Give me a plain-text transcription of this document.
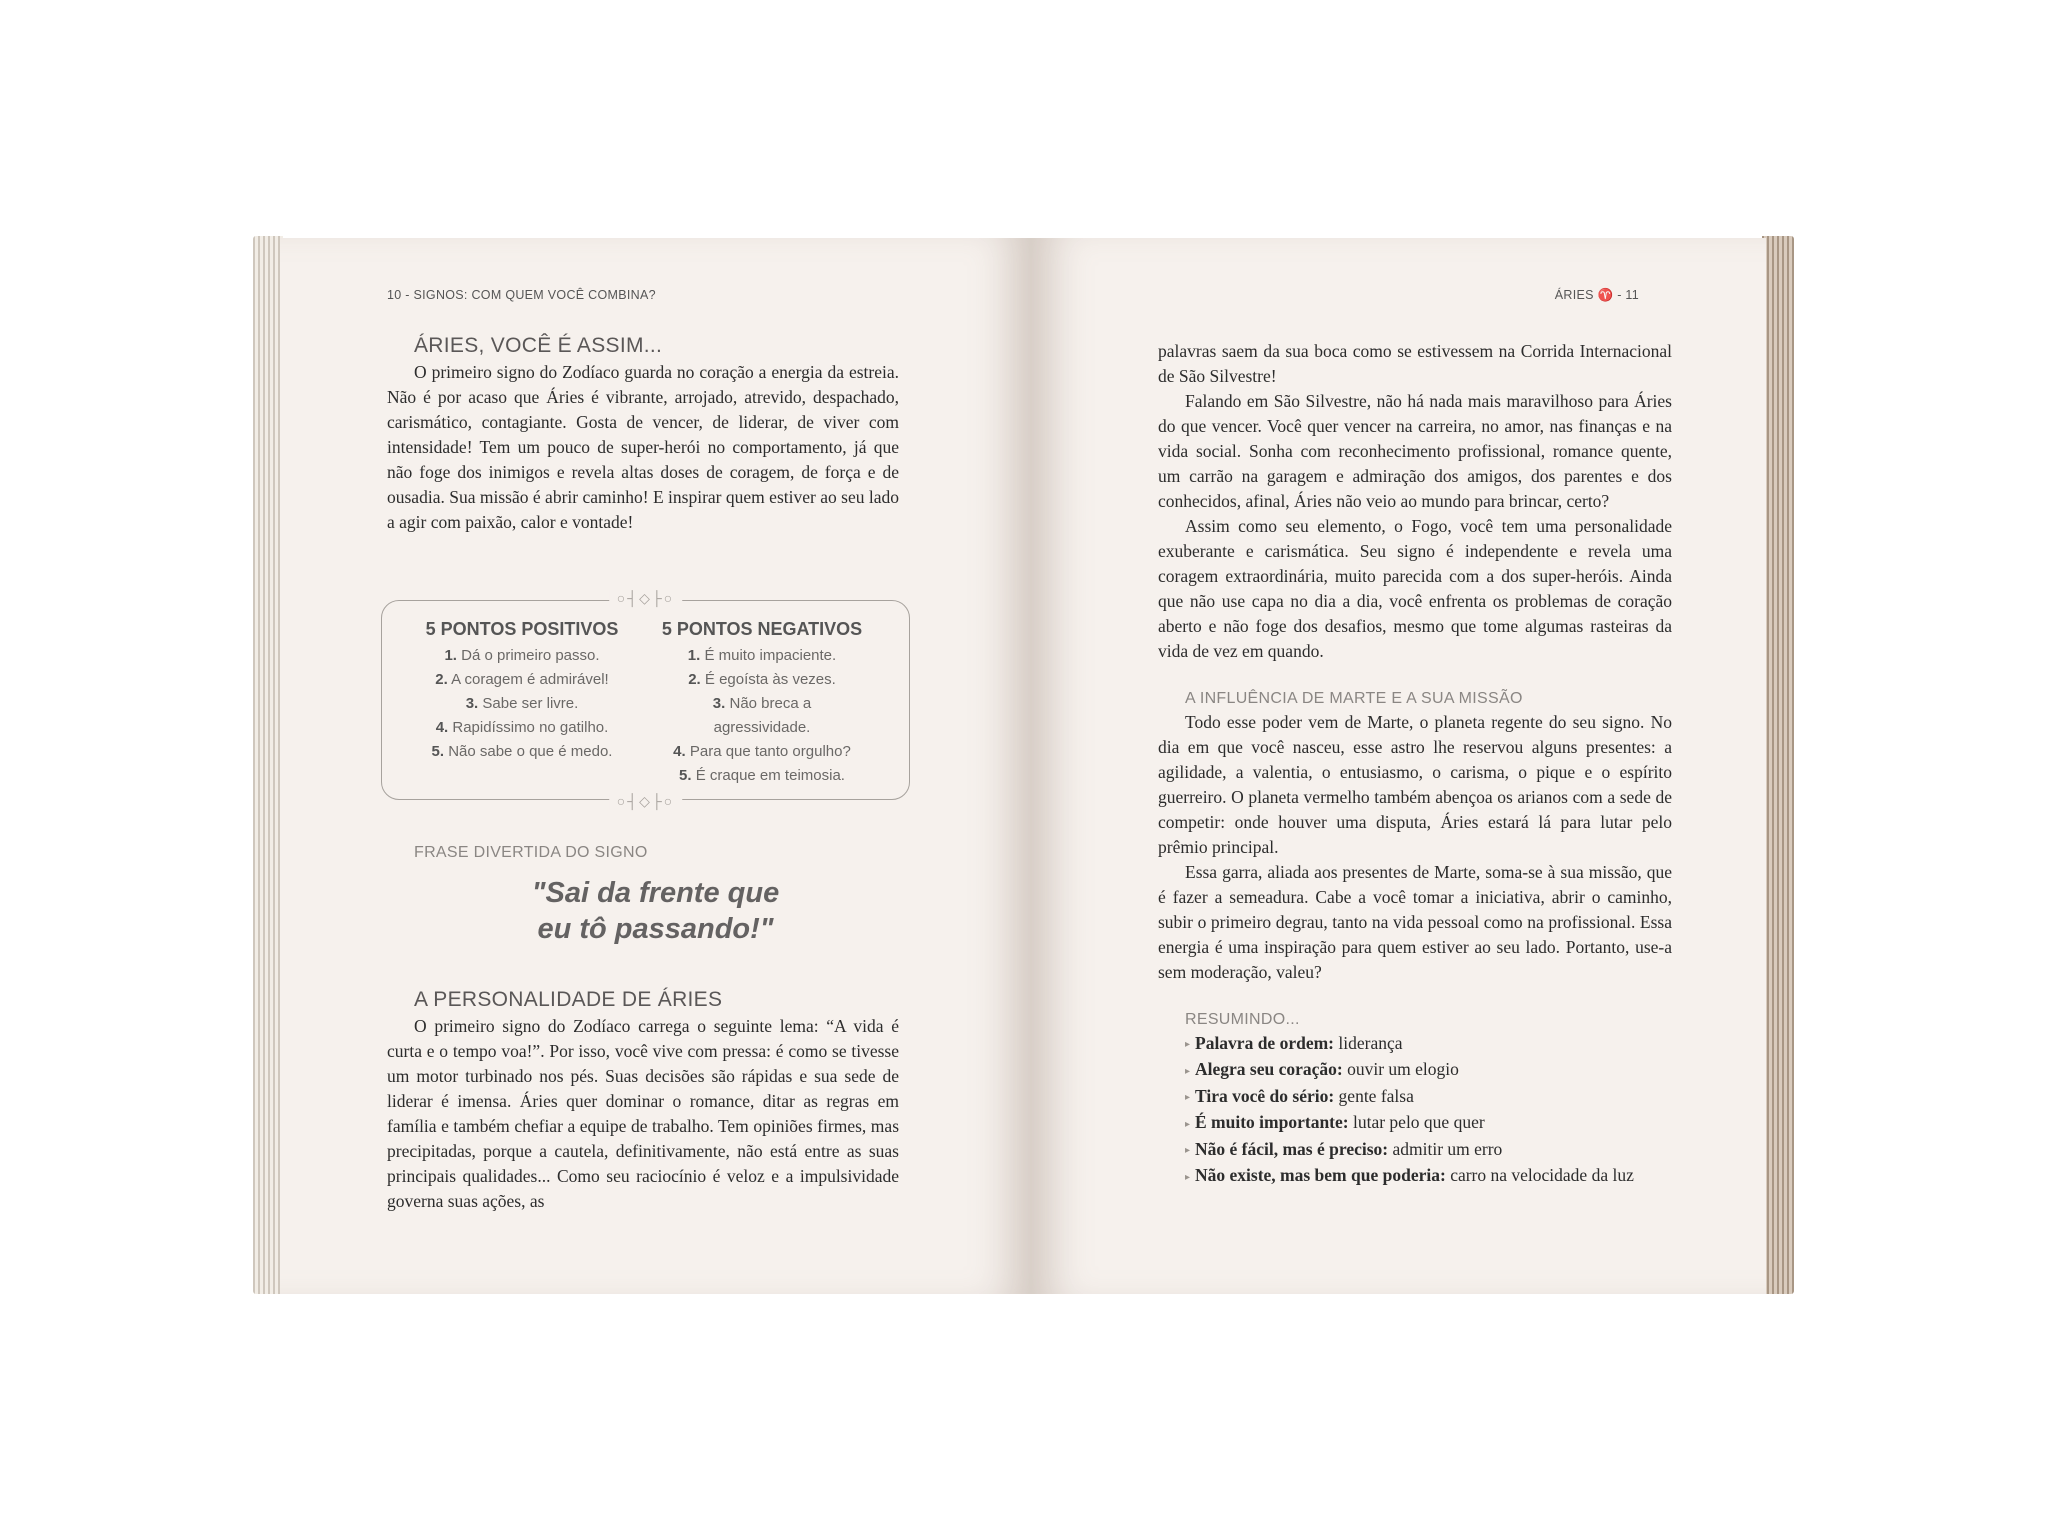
10 - SIGNOS: COM QUEM VOCÊ COMBINA?
ÁRIES, VOCÊ É ASSIM...

O primeiro signo do Zodíaco guarda no coração a energia da estreia. Não é por acaso que Áries é vibrante, arrojado, atrevido, despachado, carismático, contagiante. Gosta de vencer, de liderar, de viver com intensidade! Tem um pouco de super-herói no comportamento, já que não foge dos inimigos e revela altas doses de coragem, de força e de ousadia. Sua missão é abrir caminho! E inspirar quem estiver ao seu lado a agir com paixão, calor e vontade!

○┤◇├○
5 PONTOS POSITIVOS
1. Dá o primeiro passo.
2. A coragem é admirável!
3. Sabe ser livre.
4. Rapidíssimo no gatilho.
5. Não sabe o que é medo.
5 PONTOS NEGATIVOS
1. É muito impaciente.
2. É egoísta às vezes.
3. Não breca a agressividade.
4. Para que tanto orgulho?
5. É craque em teimosia.
○┤◇├○
FRASE DIVERTIDA DO SIGNO
"Sai da frente que
eu tô passando!"
A PERSONALIDADE DE ÁRIES

O primeiro signo do Zodíaco carrega o seguinte lema: “A vida é curta e o tempo voa!”. Por isso, você vive com pressa: é como se tivesse um motor turbinado nos pés. Suas decisões são rápidas e sua sede de liderar é imensa. Áries quer dominar o romance, ditar as regras em família e também chefiar a equipe de trabalho. Tem opiniões firmes, mas precipitadas, porque a cautela, definitivamente, não está entre as suas principais qualidades... Como seu raciocínio é veloz e a impulsividade governa suas ações, as

ÁRIES ♈ - 11

palavras saem da sua boca como se estivessem na Corrida Internacional de São Silvestre!

Falando em São Silvestre, não há nada mais maravilhoso para Áries do que vencer. Você quer vencer na carreira, no amor, nas finanças e na vida social. Sonha com reconhecimento profissional, romance quente, um carrão na garagem e admiração dos amigos, dos parentes e dos conhecidos, afinal, Áries não veio ao mundo para brincar, certo?

Assim como seu elemento, o Fogo, você tem uma personalidade exuberante e carismática. Seu signo é independente e revela uma coragem extraordinária, muito parecida com a dos super-heróis. Ainda que não use capa no dia a dia, você enfrenta os problemas de coração aberto e não foge dos desafios, mesmo que tome algumas rasteiras da vida de vez em quando.

A INFLUÊNCIA DE MARTE E A SUA MISSÃO

Todo esse poder vem de Marte, o planeta regente do seu signo. No dia em que você nasceu, esse astro lhe reservou alguns presentes: a agilidade, a valentia, o entusiasmo, o carisma, o pique e o espírito guerreiro. O planeta vermelho também abençoa os arianos com a sede de competir: onde houver uma disputa, Áries estará lá para lutar pelo prêmio principal.

Essa garra, aliada aos presentes de Marte, soma-se à sua missão, que é fazer a semeadura. Cabe a você tomar a iniciativa, abrir o caminho, subir o primeiro degrau, tanto na vida pessoal como na profissional. Essa energia é uma inspiração para quem estiver ao seu lado. Portanto, use-a sem moderação, valeu?

RESUMINDO...
▸ Palavra de ordem: liderança
▸ Alegra seu coração: ouvir um elogio
▸ Tira você do sério: gente falsa
▸ É muito importante: lutar pelo que quer
▸ Não é fácil, mas é preciso: admitir um erro
▸ Não existe, mas bem que poderia: carro na velocidade da luz
